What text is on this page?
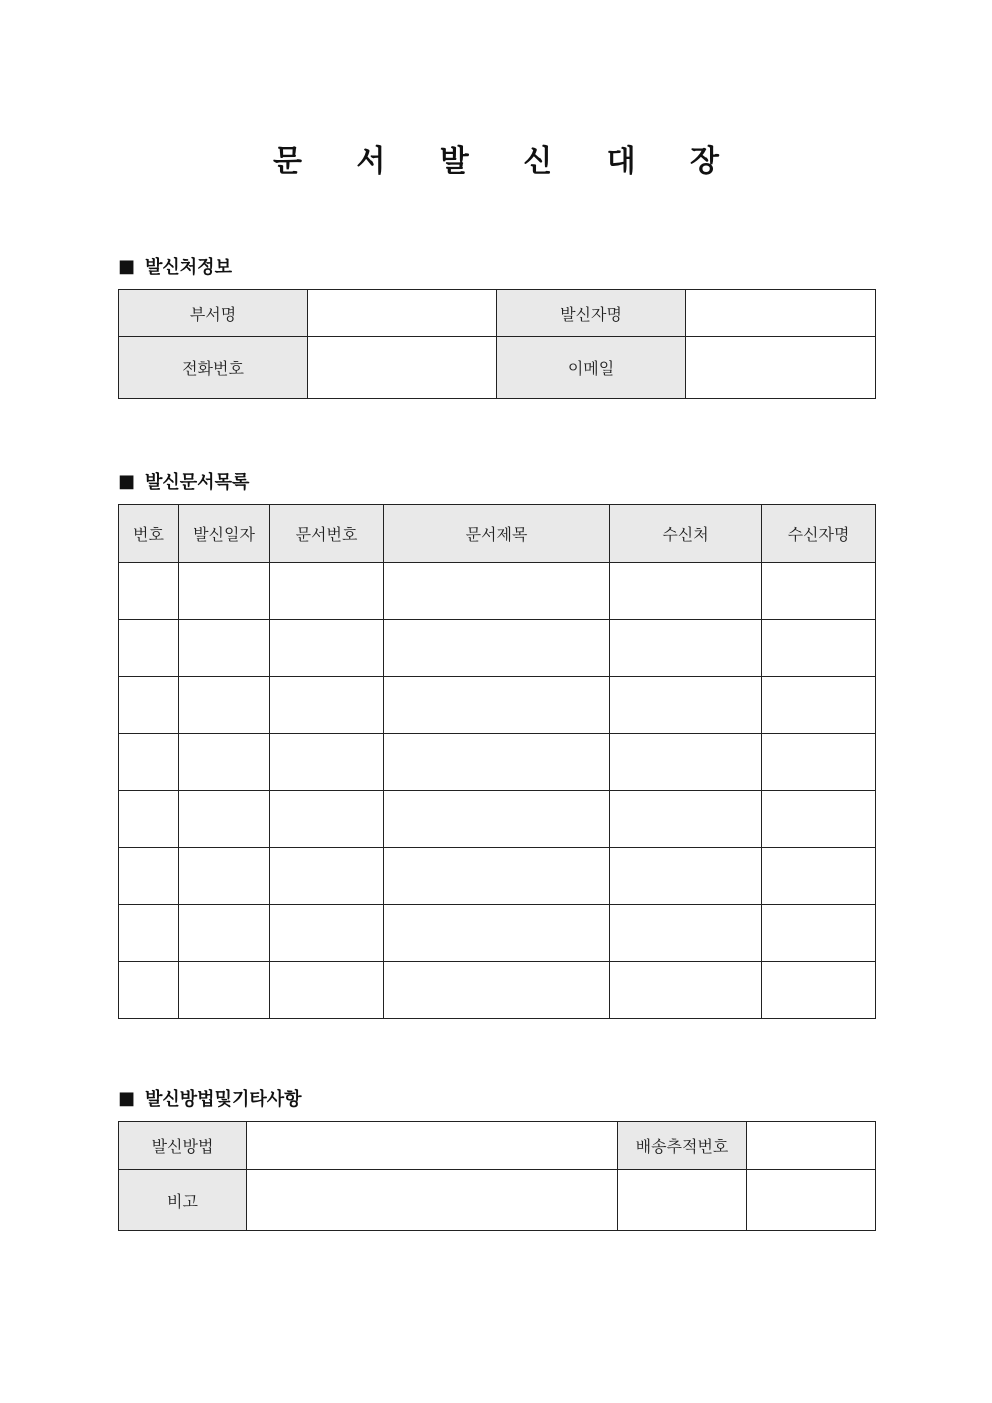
문 서 발 신 대 장
■ 발신처정보
부서명		발신자명	
전화번호		이메일	
■ 발신문서목록
번호	발신일자	문서번호	문서제목	수신처	수신자명

■ 발신방법및기타사항
발신방법		배송추적번호	
비고			
